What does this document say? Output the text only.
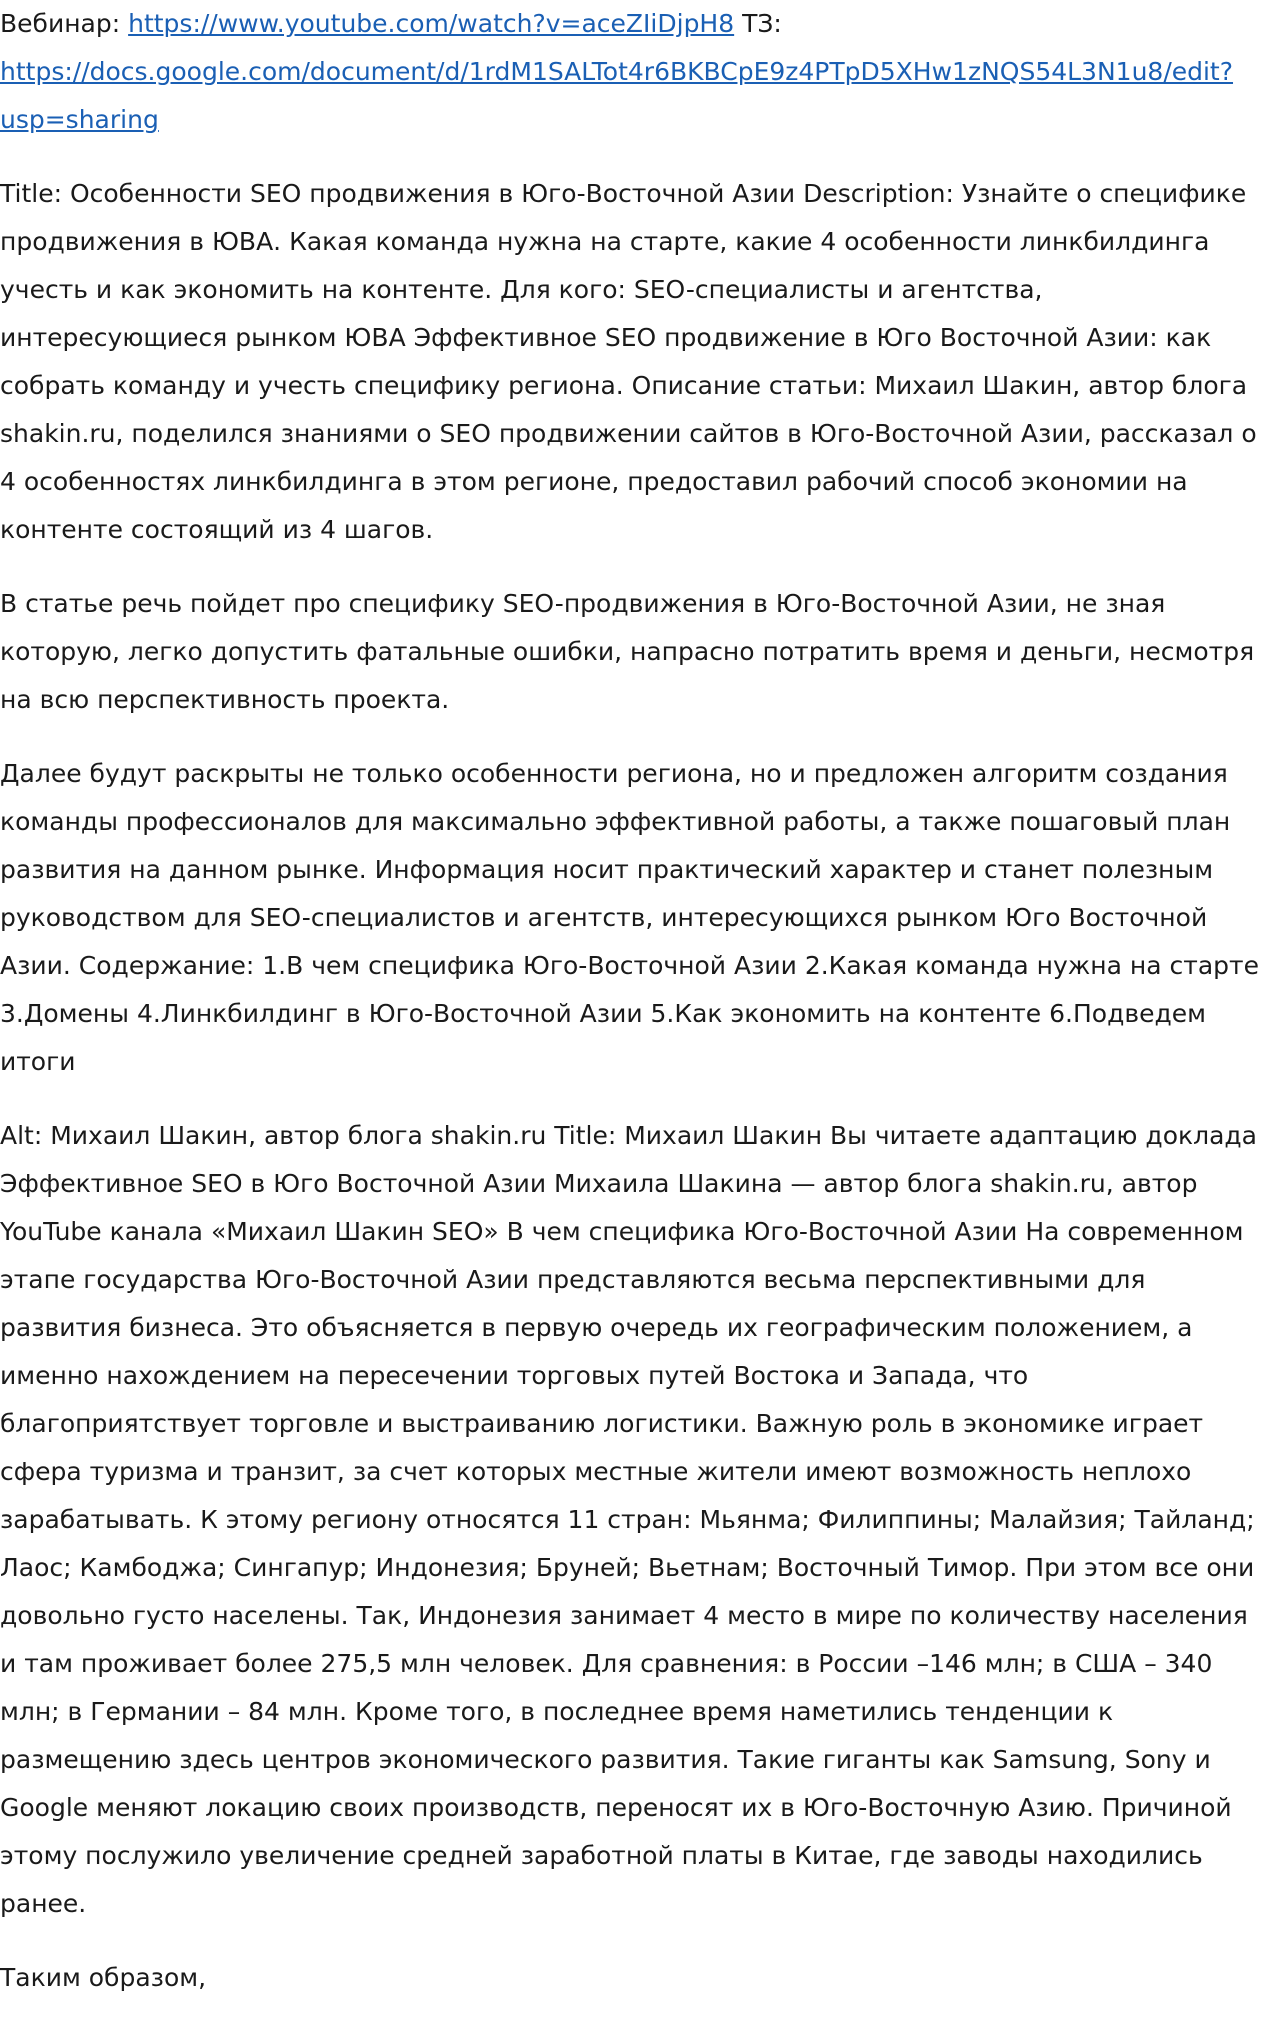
Вебинар: https://www.youtube.com/watch?v=aceZIiDjpH8 ТЗ:
https://docs.google.com/document/d/1rdM1SALTot4r6BKBCpE9z4PTpD5XHw1zNQS54L3N1u8/edit?
usp=sharing

Title: Особенности SEO продвижения в Юго-Восточной Азии Description: Узнайте о специфике продвижения в ЮВА. Какая команда нужна на старте, какие 4 особенности линкбилдинга учесть и как экономить на контенте. Для кого: SEO-специалисты и агентства, интересующиеся рынком ЮВА Эффективное SEO продвижение в Юго Восточной Азии: как собрать команду и учесть специфику региона. Описание статьи: Михаил Шакин, автор блога shakin.ru, поделился знаниями о SEO продвижении сайтов в Юго-Восточной Азии, рассказал о 4 особенностях линкбилдинга в этом регионе, предоставил рабочий способ экономии на контенте состоящий из 4 шагов.

В статье речь пойдет про специфику SEO-продвижения в Юго-Восточной Азии, не зная которую, легко допустить фатальные ошибки, напрасно потратить время и деньги, несмотря на всю перспективность проекта.

Далее будут раскрыты не только особенности региона, но и предложен алгоритм создания команды профессионалов для максимально эффективной работы, а также пошаговый план развития на данном рынке. Информация носит практический характер и станет полезным руководством для SEO-специалистов и агентств, интересующихся рынком Юго Восточной Азии. Содержание: 1.В чем специфика Юго-Восточной Азии 2.Какая команда нужна на старте 3.Домены 4.Линкбилдинг в Юго-Восточной Азии 5.Как экономить на контенте 6.Подведем итоги

Alt: Михаил Шакин, автор блога shakin.ru Title: Михаил Шакин Вы читаете адаптацию доклада Эффективное SEO в Юго Восточной Азии Михаила Шакина — автор блога shakin.ru, автор YouTube канала «Михаил Шакин SEO» В чем специфика Юго-Восточной Азии На современном этапе государства Юго-Восточной Азии представляются весьма перспективными для развития бизнеса. Это объясняется в первую очередь их географическим положением, а именно нахождением на пересечении торговых путей Востока и Запада, что благоприятствует торговле и выстраиванию логистики. Важную роль в экономике играет сфера туризма и транзит, за счет которых местные жители имеют возможность неплохо зарабатывать. К этому региону относятся 11 стран: Мьянма; Филиппины; Малайзия; Тайланд; Лаос; Камбоджа; Сингапур; Индонезия; Бруней; Вьетнам; Восточный Тимор. При этом все они довольно густо населены. Так, Индонезия занимает 4 место в мире по количеству населения и там проживает более 275,5 млн человек. Для сравнения: в России –146 млн; в США – 340 млн; в Германии – 84 млн. Кроме того, в последнее время наметились тенденции к размещению здесь центров экономического развития. Такие гиганты как Samsung, Sony и Google меняют локацию своих производств, переносят их в Юго-Восточную Азию. Причиной этому послужило увеличение средней заработной платы в Китае, где заводы находились ранее.

Таким образом,
